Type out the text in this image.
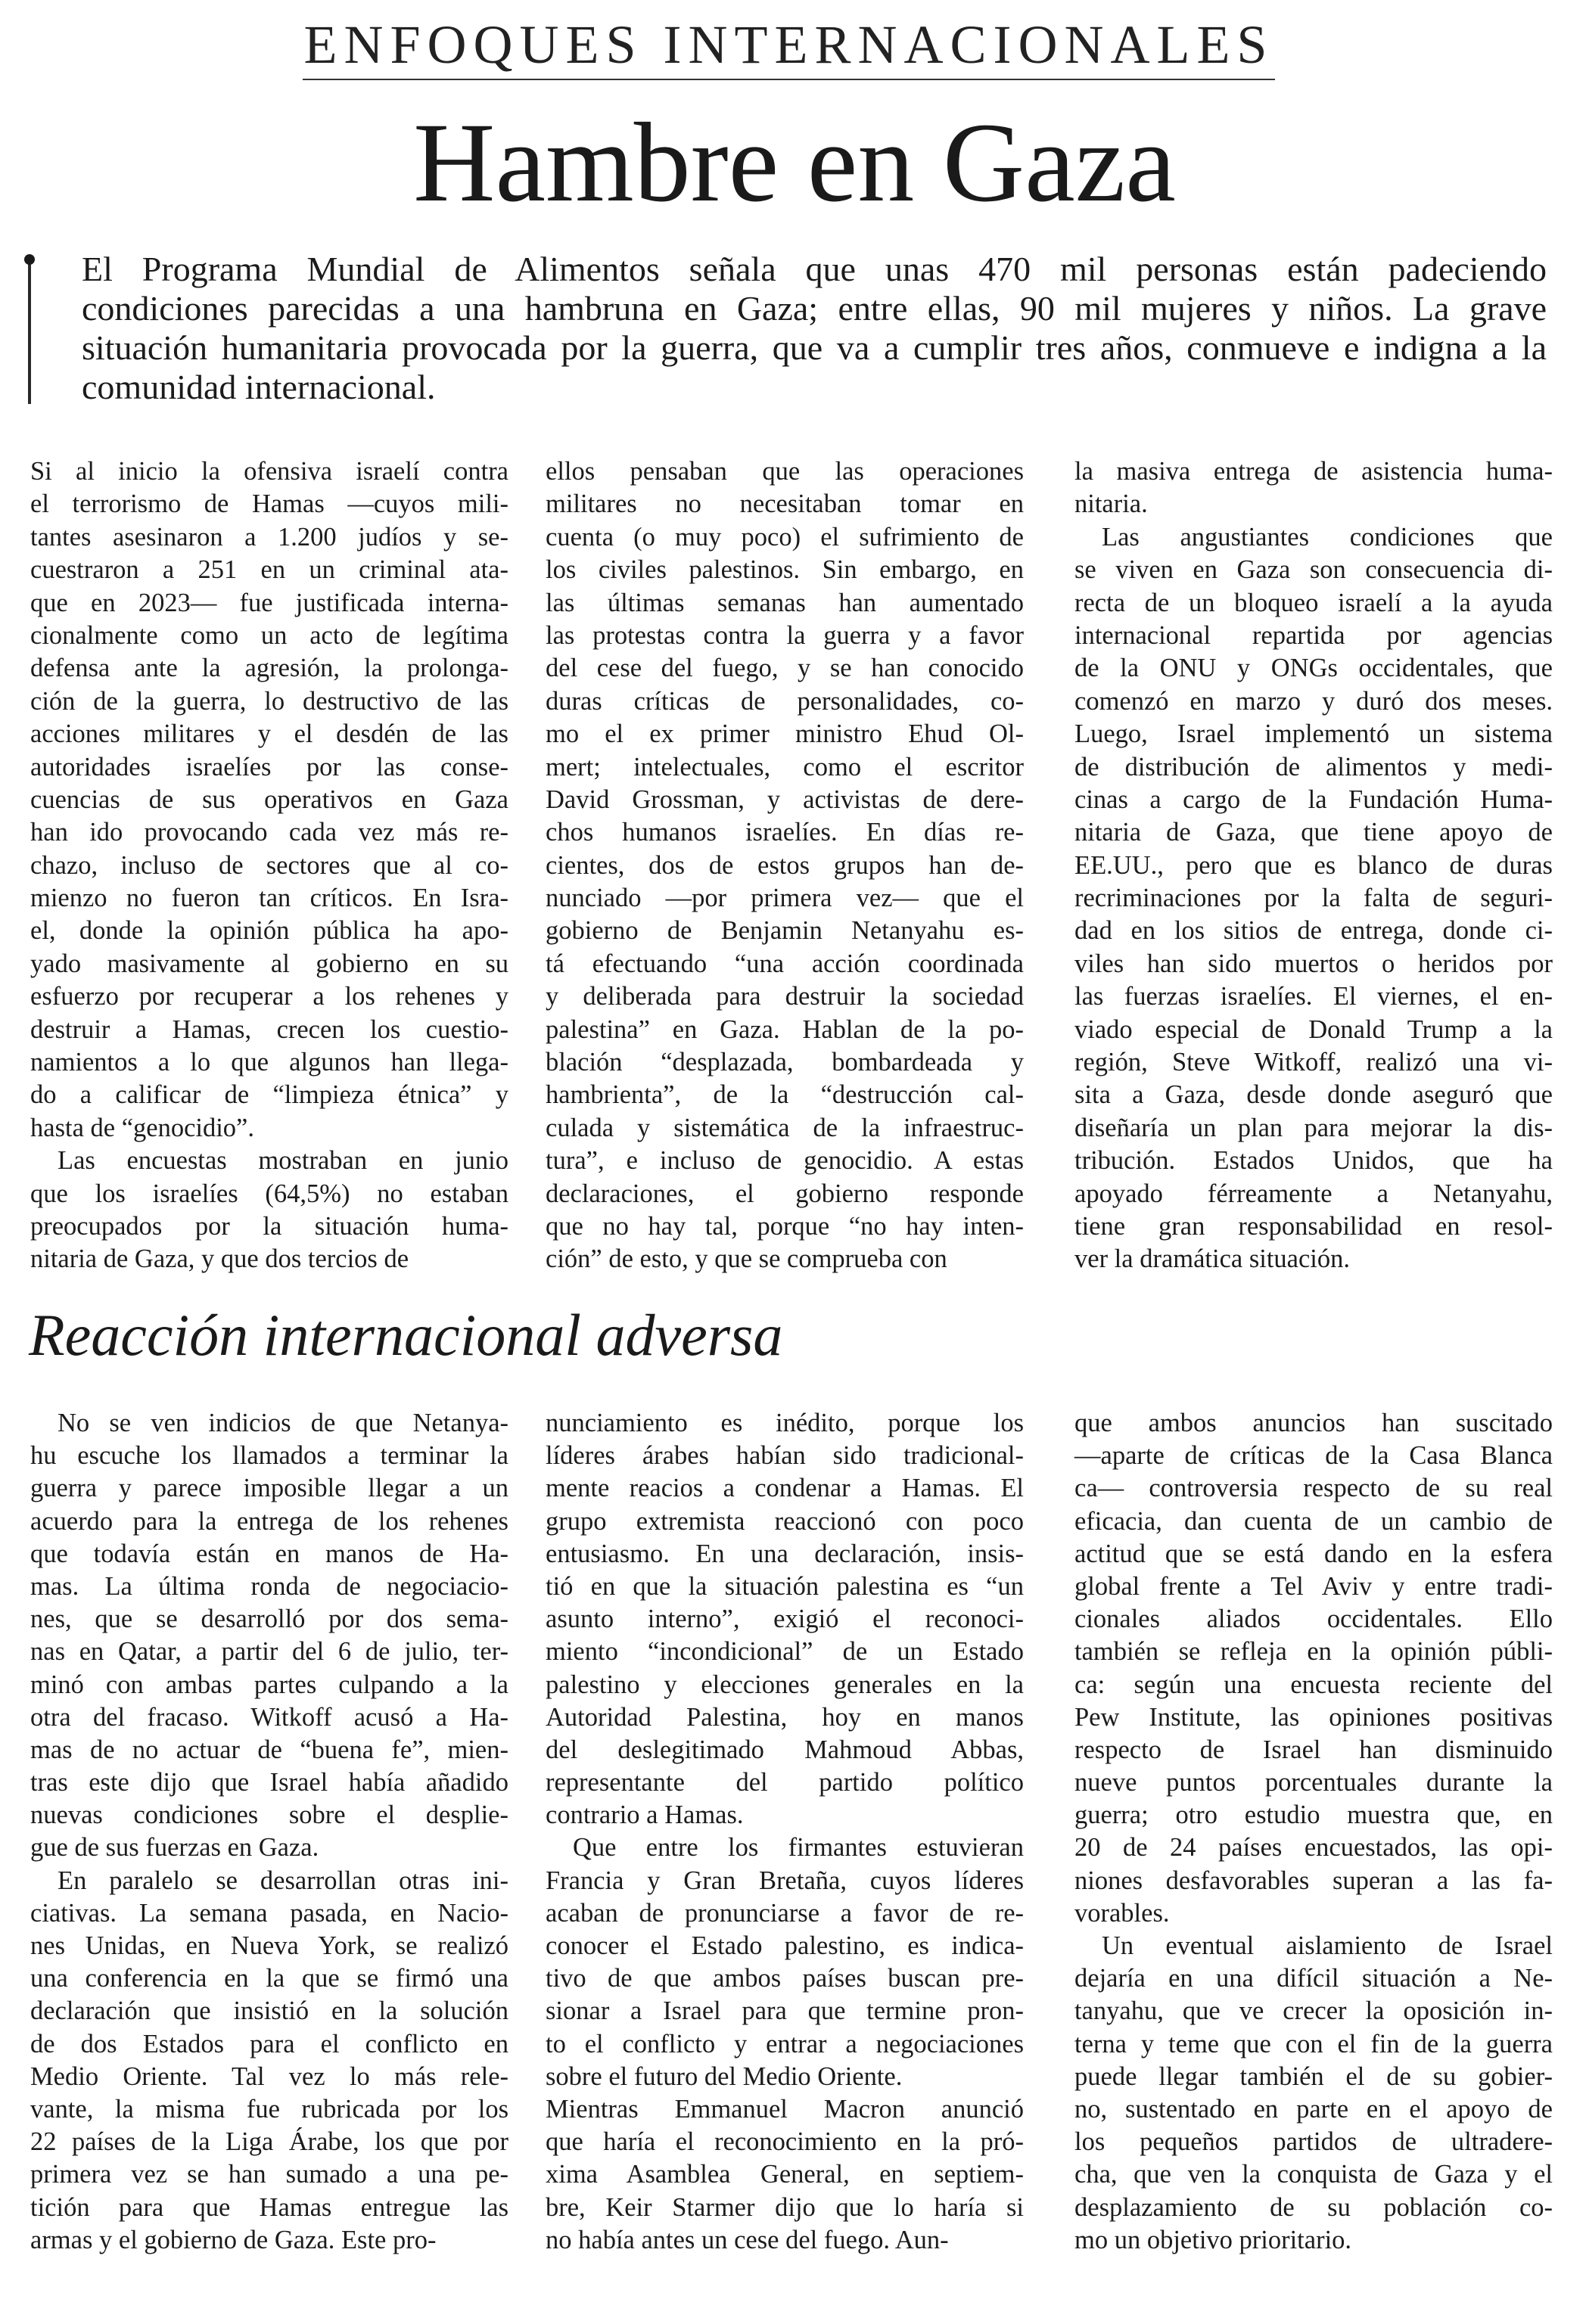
ENFOQUES INTERNACIONALES
Hambre en Gaza
El Programa Mundial de Alimentos señala que unas 470 mil personas están padeciendo
condiciones parecidas a una hambruna en Gaza; entre ellas, 90 mil mujeres y niños. La grave
situación humanitaria provocada por la guerra, que va a cumplir tres años, conmueve e indigna a la
comunidad internacional.
Si al inicio la ofensiva israelí contra
el terrorismo de Hamas —cuyos mili-
tantes asesinaron a 1.200 judíos y se-
cuestraron a 251 en un criminal ata-
que en 2023— fue justificada interna-
cionalmente como un acto de legítima
defensa ante la agresión, la prolonga-
ción de la guerra, lo destructivo de las
acciones militares y el desdén de las
autoridades israelíes por las conse-
cuencias de sus operativos en Gaza
han ido provocando cada vez más re-
chazo, incluso de sectores que al co-
mienzo no fueron tan críticos. En Isra-
el, donde la opinión pública ha apo-
yado masivamente al gobierno en su
esfuerzo por recuperar a los rehenes y
destruir a Hamas, crecen los cuestio-
namientos a lo que algunos han llega-
do a calificar de “limpieza étnica” y
hasta de “genocidio”.
Las encuestas mostraban en junio
que los israelíes (64,5%) no estaban
preocupados por la situación huma-
nitaria de Gaza, y que dos tercios de
ellos pensaban que las operaciones
militares no necesitaban tomar en
cuenta (o muy poco) el sufrimiento de
los civiles palestinos. Sin embargo, en
las últimas semanas han aumentado
las protestas contra la guerra y a favor
del cese del fuego, y se han conocido
duras críticas de personalidades, co-
mo el ex primer ministro Ehud Ol-
mert; intelectuales, como el escritor
David Grossman, y activistas de dere-
chos humanos israelíes. En días re-
cientes, dos de estos grupos han de-
nunciado —por primera vez— que el
gobierno de Benjamin Netanyahu es-
tá efectuando “una acción coordinada
y deliberada para destruir la sociedad
palestina” en Gaza. Hablan de la po-
blación “desplazada, bombardeada y
hambrienta”, de la “destrucción cal-
culada y sistemática de la infraestruc-
tura”, e incluso de genocidio. A estas
declaraciones, el gobierno responde
que no hay tal, porque “no hay inten-
ción” de esto, y que se comprueba con
la masiva entrega de asistencia huma-
nitaria.
Las angustiantes condiciones que
se viven en Gaza son consecuencia di-
recta de un bloqueo israelí a la ayuda
internacional repartida por agencias
de la ONU y ONGs occidentales, que
comenzó en marzo y duró dos meses.
Luego, Israel implementó un sistema
de distribución de alimentos y medi-
cinas a cargo de la Fundación Huma-
nitaria de Gaza, que tiene apoyo de
EE.UU., pero que es blanco de duras
recriminaciones por la falta de seguri-
dad en los sitios de entrega, donde ci-
viles han sido muertos o heridos por
las fuerzas israelíes. El viernes, el en-
viado especial de Donald Trump a la
región, Steve Witkoff, realizó una vi-
sita a Gaza, desde donde aseguró que
diseñaría un plan para mejorar la dis-
tribución. Estados Unidos, que ha
apoyado férreamente a Netanyahu,
tiene gran responsabilidad en resol-
ver la dramática situación.
Reacción internacional adversa
No se ven indicios de que Netanya-
hu escuche los llamados a terminar la
guerra y parece imposible llegar a un
acuerdo para la entrega de los rehenes
que todavía están en manos de Ha-
mas. La última ronda de negociacio-
nes, que se desarrolló por dos sema-
nas en Qatar, a partir del 6 de julio, ter-
minó con ambas partes culpando a la
otra del fracaso. Witkoff acusó a Ha-
mas de no actuar de “buena fe”, mien-
tras este dijo que Israel había añadido
nuevas condiciones sobre el desplie-
gue de sus fuerzas en Gaza.
En paralelo se desarrollan otras ini-
ciativas. La semana pasada, en Nacio-
nes Unidas, en Nueva York, se realizó
una conferencia en la que se firmó una
declaración que insistió en la solución
de dos Estados para el conflicto en
Medio Oriente. Tal vez lo más rele-
vante, la misma fue rubricada por los
22 países de la Liga Árabe, los que por
primera vez se han sumado a una pe-
tición para que Hamas entregue las
armas y el gobierno de Gaza. Este pro-
nunciamiento es inédito, porque los
líderes árabes habían sido tradicional-
mente reacios a condenar a Hamas. El
grupo extremista reaccionó con poco
entusiasmo. En una declaración, insis-
tió en que la situación palestina es “un
asunto interno”, exigió el reconoci-
miento “incondicional” de un Estado
palestino y elecciones generales en la
Autoridad Palestina, hoy en manos
del deslegitimado Mahmoud Abbas,
representante del partido político
contrario a Hamas.
Que entre los firmantes estuvieran
Francia y Gran Bretaña, cuyos líderes
acaban de pronunciarse a favor de re-
conocer el Estado palestino, es indica-
tivo de que ambos países buscan pre-
sionar a Israel para que termine pron-
to el conflicto y entrar a negociaciones
sobre el futuro del Medio Oriente.
Mientras Emmanuel Macron anunció
que haría el reconocimiento en la pró-
xima Asamblea General, en septiem-
bre, Keir Starmer dijo que lo haría si
no había antes un cese del fuego. Aun-
que ambos anuncios han suscitado
—aparte de críticas de la Casa Blanca
ca— controversia respecto de su real
eficacia, dan cuenta de un cambio de
actitud que se está dando en la esfera
global frente a Tel Aviv y entre tradi-
cionales aliados occidentales. Ello
también se refleja en la opinión públi-
ca: según una encuesta reciente del
Pew Institute, las opiniones positivas
respecto de Israel han disminuido
nueve puntos porcentuales durante la
guerra; otro estudio muestra que, en
20 de 24 países encuestados, las opi-
niones desfavorables superan a las fa-
vorables.
Un eventual aislamiento de Israel
dejaría en una difícil situación a Ne-
tanyahu, que ve crecer la oposición in-
terna y teme que con el fin de la guerra
puede llegar también el de su gobier-
no, sustentado en parte en el apoyo de
los pequeños partidos de ultradere-
cha, que ven la conquista de Gaza y el
desplazamiento de su población co-
mo un objetivo prioritario.
